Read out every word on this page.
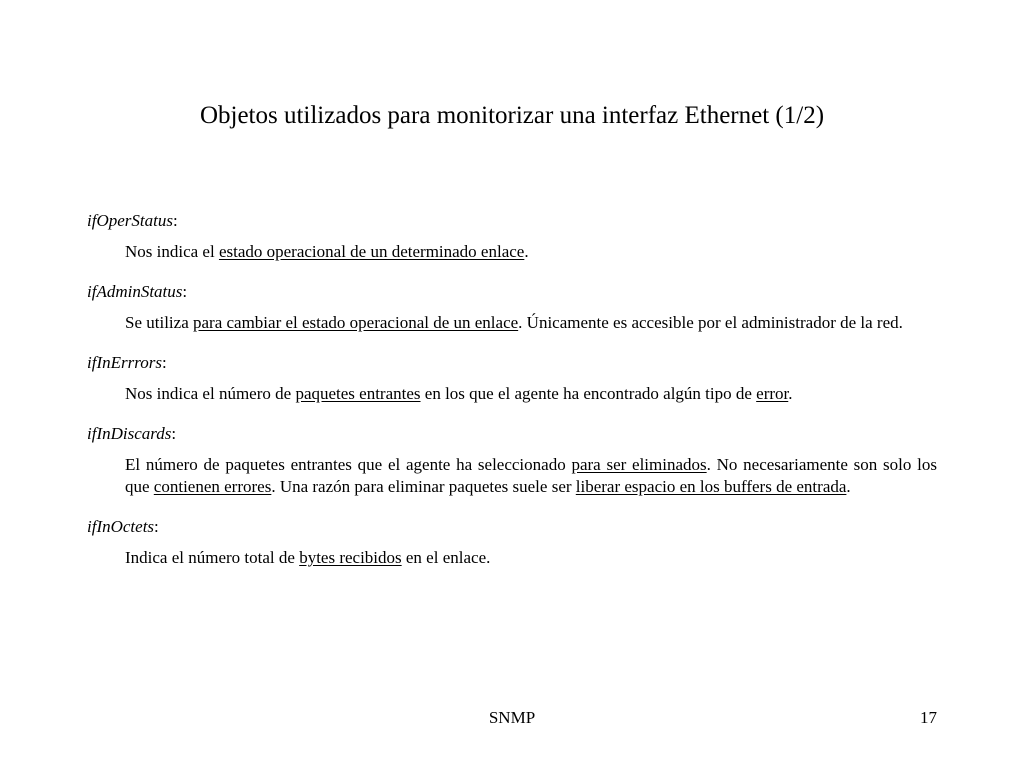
Objetos utilizados para monitorizar una interfaz Ethernet (1/2)

ifOperStatus:

Nos indica el estado operacional de un determinado enlace.

ifAdminStatus:

Se utiliza para cambiar el estado operacional de un enlace. Únicamente es accesible por el administrador de la red.

ifInErrrors:

Nos indica el número de paquetes entrantes en los que el agente ha encontrado algún tipo de error.

ifInDiscards:

El número de paquetes entrantes que el agente ha seleccionado para ser eliminados. No necesariamente son solo los que contienen errores. Una razón para eliminar paquetes suele ser liberar espacio en los buffers de entrada.

ifInOctets:

Indica el número total de bytes recibidos en el enlace.

SNMP	17
